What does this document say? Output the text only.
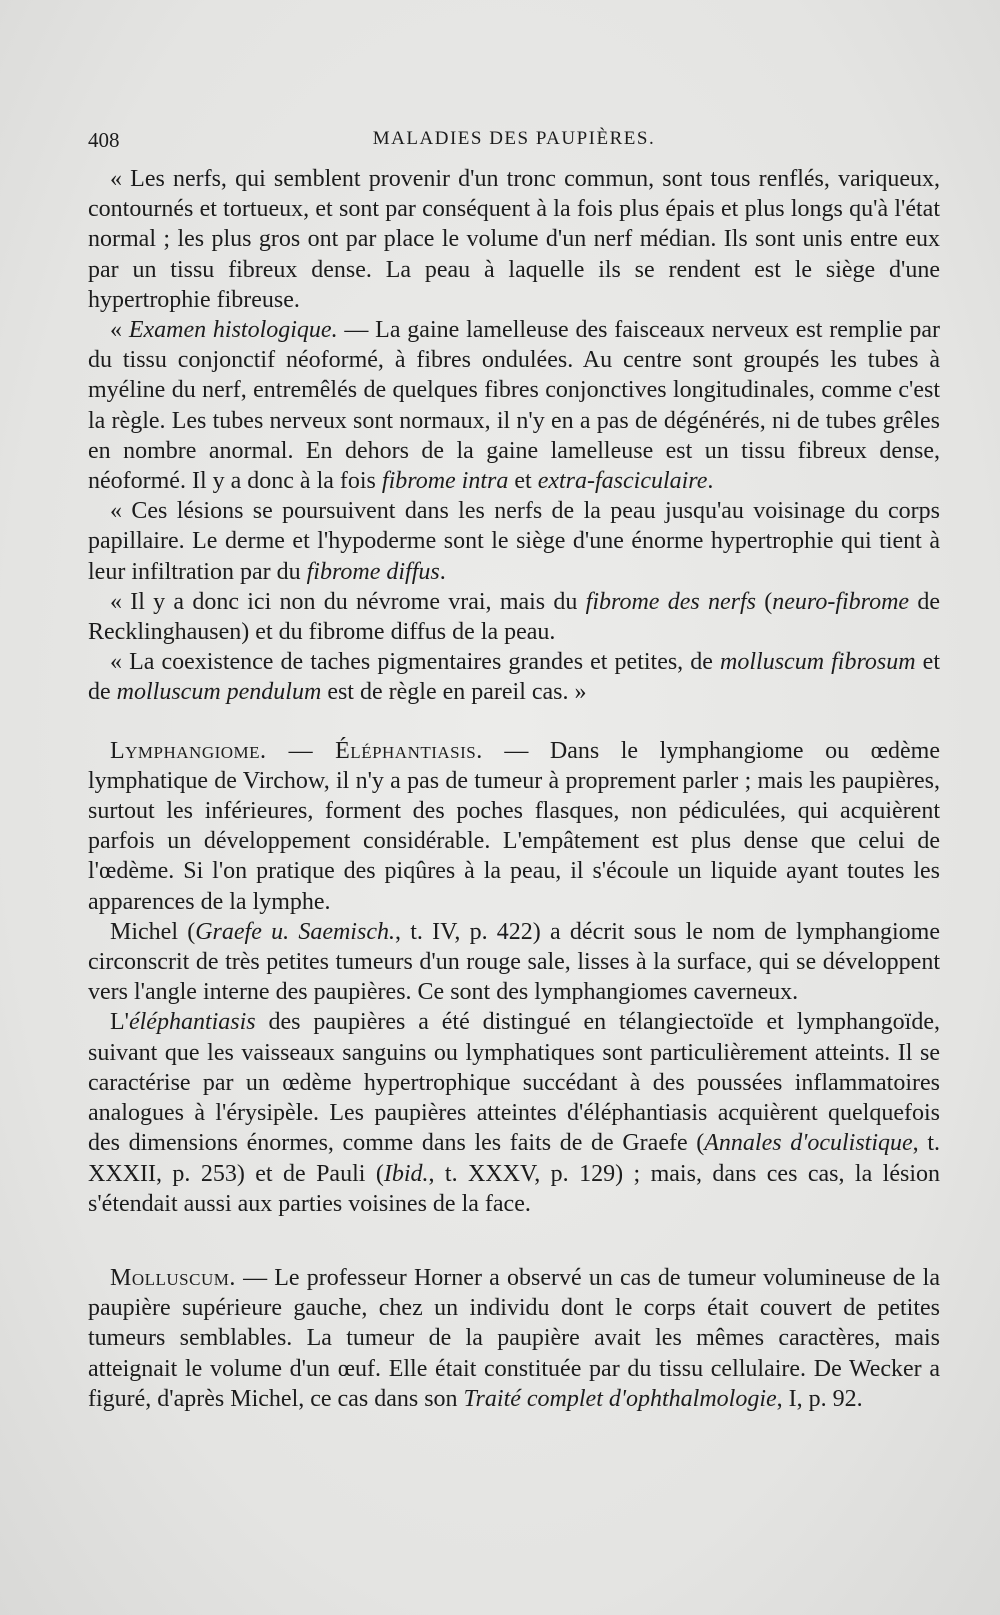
408	MALADIES DES PAUPIÈRES.

« Les nerfs, qui semblent provenir d'un tronc commun, sont tous renflés, variqueux, contournés et tortueux, et sont par conséquent à la fois plus épais et plus longs qu'à l'état normal ; les plus gros ont par place le volume d'un nerf médian. Ils sont unis entre eux par un tissu fibreux dense. La peau à laquelle ils se rendent est le siège d'une hypertrophie fibreuse.

« Examen histologique. — La gaine lamelleuse des faisceaux nerveux est remplie par du tissu conjonctif néoformé, à fibres ondulées. Au centre sont groupés les tubes à myéline du nerf, entremêlés de quelques fibres conjonctives longitudinales, comme c'est la règle. Les tubes nerveux sont normaux, il n'y en a pas de dégénérés, ni de tubes grêles en nombre anormal. En dehors de la gaine lamelleuse est un tissu fibreux dense, néoformé. Il y a donc à la fois fibrome intra et extra-fasciculaire.

« Ces lésions se poursuivent dans les nerfs de la peau jusqu'au voisinage du corps papillaire. Le derme et l'hypoderme sont le siège d'une énorme hypertrophie qui tient à leur infiltration par du fibrome diffus.

« Il y a donc ici non du névrome vrai, mais du fibrome des nerfs (neuro-fibrome de Recklinghausen) et du fibrome diffus de la peau.

« La coexistence de taches pigmentaires grandes et petites, de molluscum fibrosum et de molluscum pendulum est de règle en pareil cas. »

Lymphangiome. — Éléphantiasis. — Dans le lymphangiome ou œdème lymphatique de Virchow, il n'y a pas de tumeur à proprement parler ; mais les paupières, surtout les inférieures, forment des poches flasques, non pédiculées, qui acquièrent parfois un développement considérable. L'empâtement est plus dense que celui de l'œdème. Si l'on pratique des piqûres à la peau, il s'écoule un liquide ayant toutes les apparences de la lymphe.

Michel (Graefe u. Saemisch., t. IV, p. 422) a décrit sous le nom de lymphangiome circonscrit de très petites tumeurs d'un rouge sale, lisses à la surface, qui se développent vers l'angle interne des paupières. Ce sont des lymphangiomes caverneux.

L'éléphantiasis des paupières a été distingué en télangiectoïde et lymphangoïde, suivant que les vaisseaux sanguins ou lymphatiques sont particulièrement atteints. Il se caractérise par un œdème hypertrophique succédant à des poussées inflammatoires analogues à l'érysipèle. Les paupières atteintes d'éléphantiasis acquièrent quelquefois des dimensions énormes, comme dans les faits de de Graefe (Annales d'oculistique, t. XXXII, p. 253) et de Pauli (Ibid., t. XXXV, p. 129) ; mais, dans ces cas, la lésion s'étendait aussi aux parties voisines de la face.

Molluscum. — Le professeur Horner a observé un cas de tumeur volumineuse de la paupière supérieure gauche, chez un individu dont le corps était couvert de petites tumeurs semblables. La tumeur de la paupière avait les mêmes caractères, mais atteignait le volume d'un œuf. Elle était constituée par du tissu cellulaire. De Wecker a figuré, d'après Michel, ce cas dans son Traité complet d'ophthalmologie, I, p. 92.
